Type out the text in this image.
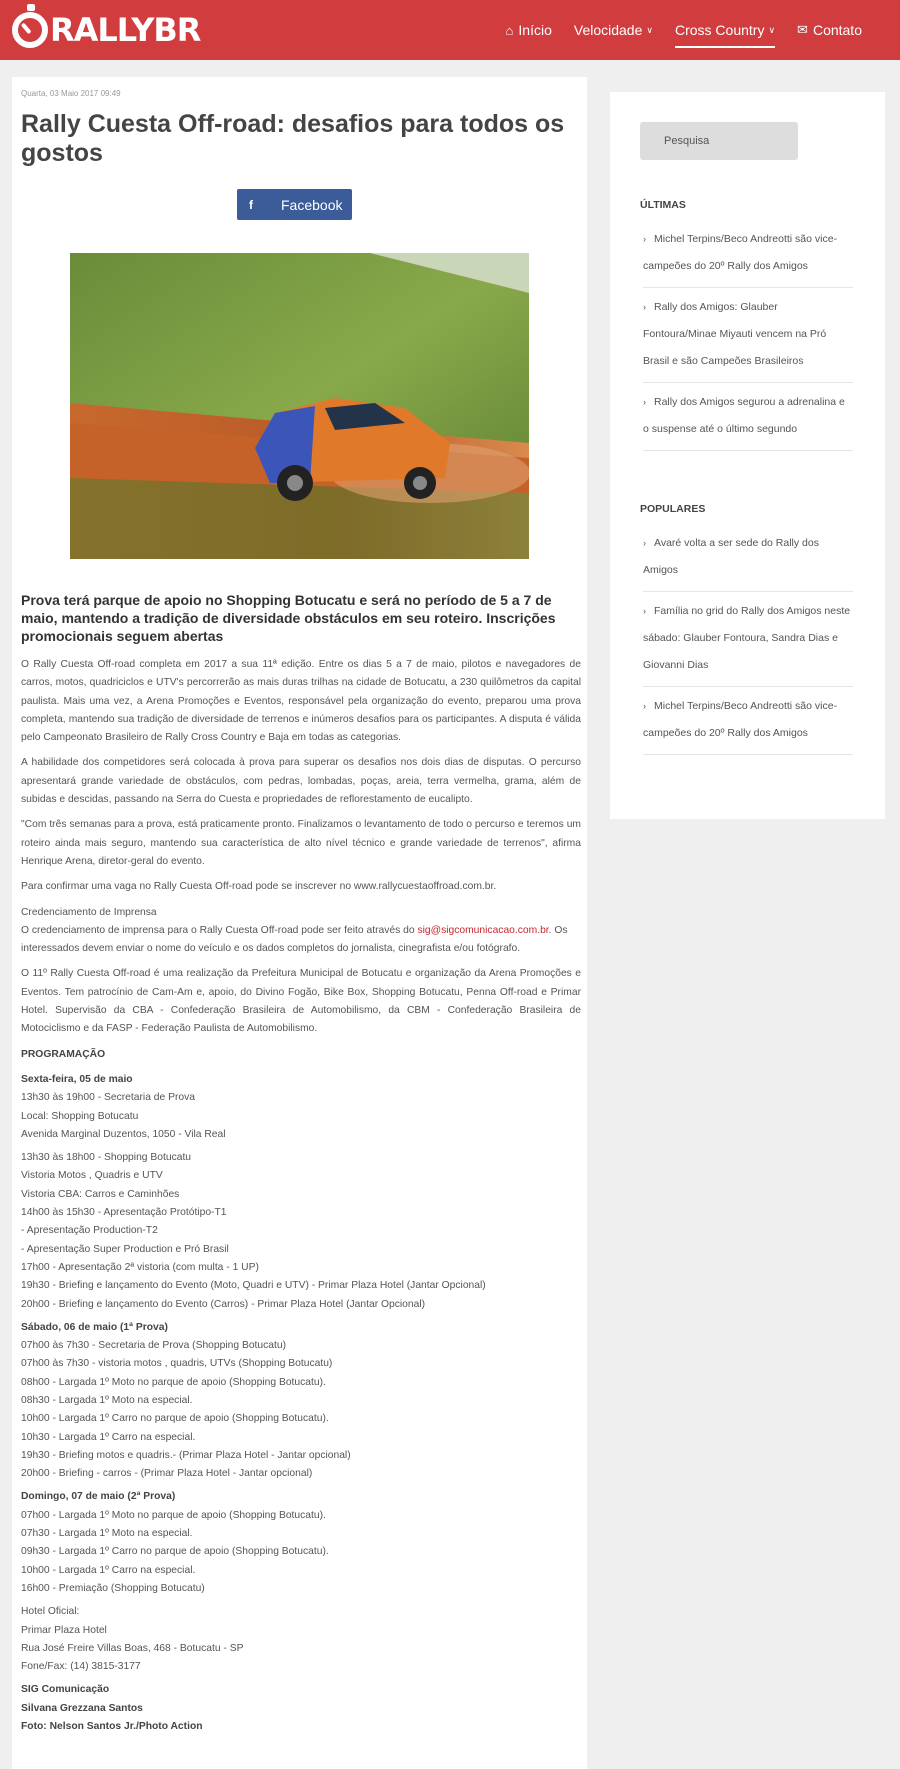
RALLYBR	⌂ Início Velocidade ∨ Cross Country ∨ ✉ Contato
Quarta, 03 Maio 2017 09:49
Rally Cuesta Off-road: desafios para todos os gostos
f	Facebook
Prova terá parque de apoio no Shopping Botucatu e será no período de 5 a 7 de maio, mantendo a tradição de diversidade obstáculos em seu roteiro. Inscrições promocionais seguem abertas

O Rally Cuesta Off-road completa em 2017 a sua 11ª edição. Entre os dias 5 a 7 de maio, pilotos e navegadores de carros, motos, quadriciclos e UTV's percorrerão as mais duras trilhas na cidade de Botucatu, a 230 quilômetros da capital paulista. Mais uma vez, a Arena Promoções e Eventos, responsável pela organização do evento, preparou uma prova completa, mantendo sua tradição de diversidade de terrenos e inúmeros desafios para os participantes. A disputa é válida pelo Campeonato Brasileiro de Rally Cross Country e Baja em todas as categorias.

A habilidade dos competidores será colocada à prova para superar os desafios nos dois dias de disputas. O percurso apresentará grande variedade de obstáculos, com pedras, lombadas, poças, areia, terra vermelha, grama, além de subidas e descidas, passando na Serra do Cuesta e propriedades de reflorestamento de eucalipto.

"Com três semanas para a prova, está praticamente pronto. Finalizamos o levantamento de todo o percurso e teremos um roteiro ainda mais seguro, mantendo sua característica de alto nível técnico e grande variedade de terrenos", afirma Henrique Arena, diretor-geral do evento.

Para confirmar uma vaga no Rally Cuesta Off-road pode se inscrever no www.rallycuestaoffroad.com.br.

Credenciamento de Imprensa
O credenciamento de imprensa para o Rally Cuesta Off-road pode ser feito através do sig@sigcomunicacao.com.br. Os interessados devem enviar o nome do veículo e os dados completos do jornalista, cinegrafista e/ou fotógrafo.

O 11º Rally Cuesta Off-road é uma realização da Prefeitura Municipal de Botucatu e organização da Arena Promoções e Eventos. Tem patrocínio de Cam-Am e, apoio, do Divino Fogão, Bike Box, Shopping Botucatu, Penna Off-road e Primar Hotel. Supervisão da CBA - Confederação Brasileira de Automobilismo, da CBM - Confederação Brasileira de Motociclismo e da FASP - Federação Paulista de Automobilismo.

PROGRAMAÇÃO

Sexta-feira, 05 de maio
13h30 às 19h00 - Secretaria de Prova
Local: Shopping Botucatu
Avenida Marginal Duzentos, 1050 - Vila Real
13h30 às 18h00 - Shopping Botucatu
Vistoria Motos , Quadris e UTV
Vistoria CBA: Carros e Caminhões
14h00 às 15h30 - Apresentação Protótipo-T1
- Apresentação Production-T2
- Apresentação Super Production e Pró Brasil
17h00 - Apresentação 2ª vistoria (com multa - 1 UP)
19h30 - Briefing e lançamento do Evento (Moto, Quadri e UTV) - Primar Plaza Hotel (Jantar Opcional)
20h00 - Briefing e lançamento do Evento (Carros) - Primar Plaza Hotel (Jantar Opcional)
Sábado, 06 de maio (1ª Prova)
07h00 às 7h30 - Secretaria de Prova (Shopping Botucatu)
07h00 às 7h30 - vistoria motos , quadris, UTVs (Shopping Botucatu)
08h00 - Largada 1º Moto no parque de apoio (Shopping Botucatu).
08h30 - Largada 1º Moto na especial.
10h00 - Largada 1º Carro no parque de apoio (Shopping Botucatu).
10h30 - Largada 1º Carro na especial.
19h30 - Briefing motos e quadris.- (Primar Plaza Hotel - Jantar opcional)
20h00 - Briefing - carros - (Primar Plaza Hotel - Jantar opcional)
Domingo, 07 de maio (2ª Prova)
07h00 - Largada 1º Moto no parque de apoio (Shopping Botucatu).
07h30 - Largada 1º Moto na especial.
09h30 - Largada 1º Carro no parque de apoio (Shopping Botucatu).
10h00 - Largada 1º Carro na especial.
16h00 - Premiação (Shopping Botucatu)
Hotel Oficial:
Primar Plaza Hotel
Rua José Freire Villas Boas, 468 - Botucatu - SP
Fone/Fax: (14) 3815-3177
SIG Comunicação
Silvana Grezzana Santos
Foto: Nelson Santos Jr./Photo Action
Pesquisa
ÚLTIMAS
› Michel Terpins/Beco Andreotti são vice-campeões do 20º Rally dos Amigos
› Rally dos Amigos: Glauber Fontoura/Minae Miyauti vencem na Pró Brasil e são Campeões Brasileiros
› Rally dos Amigos segurou a adrenalina e o suspense até o último segundo
POPULARES
› Avaré volta a ser sede do Rally dos Amigos
› Família no grid do Rally dos Amigos neste sábado: Glauber Fontoura, Sandra Dias e Giovanni Dias
› Michel Terpins/Beco Andreotti são vice-campeões do 20º Rally dos Amigos
